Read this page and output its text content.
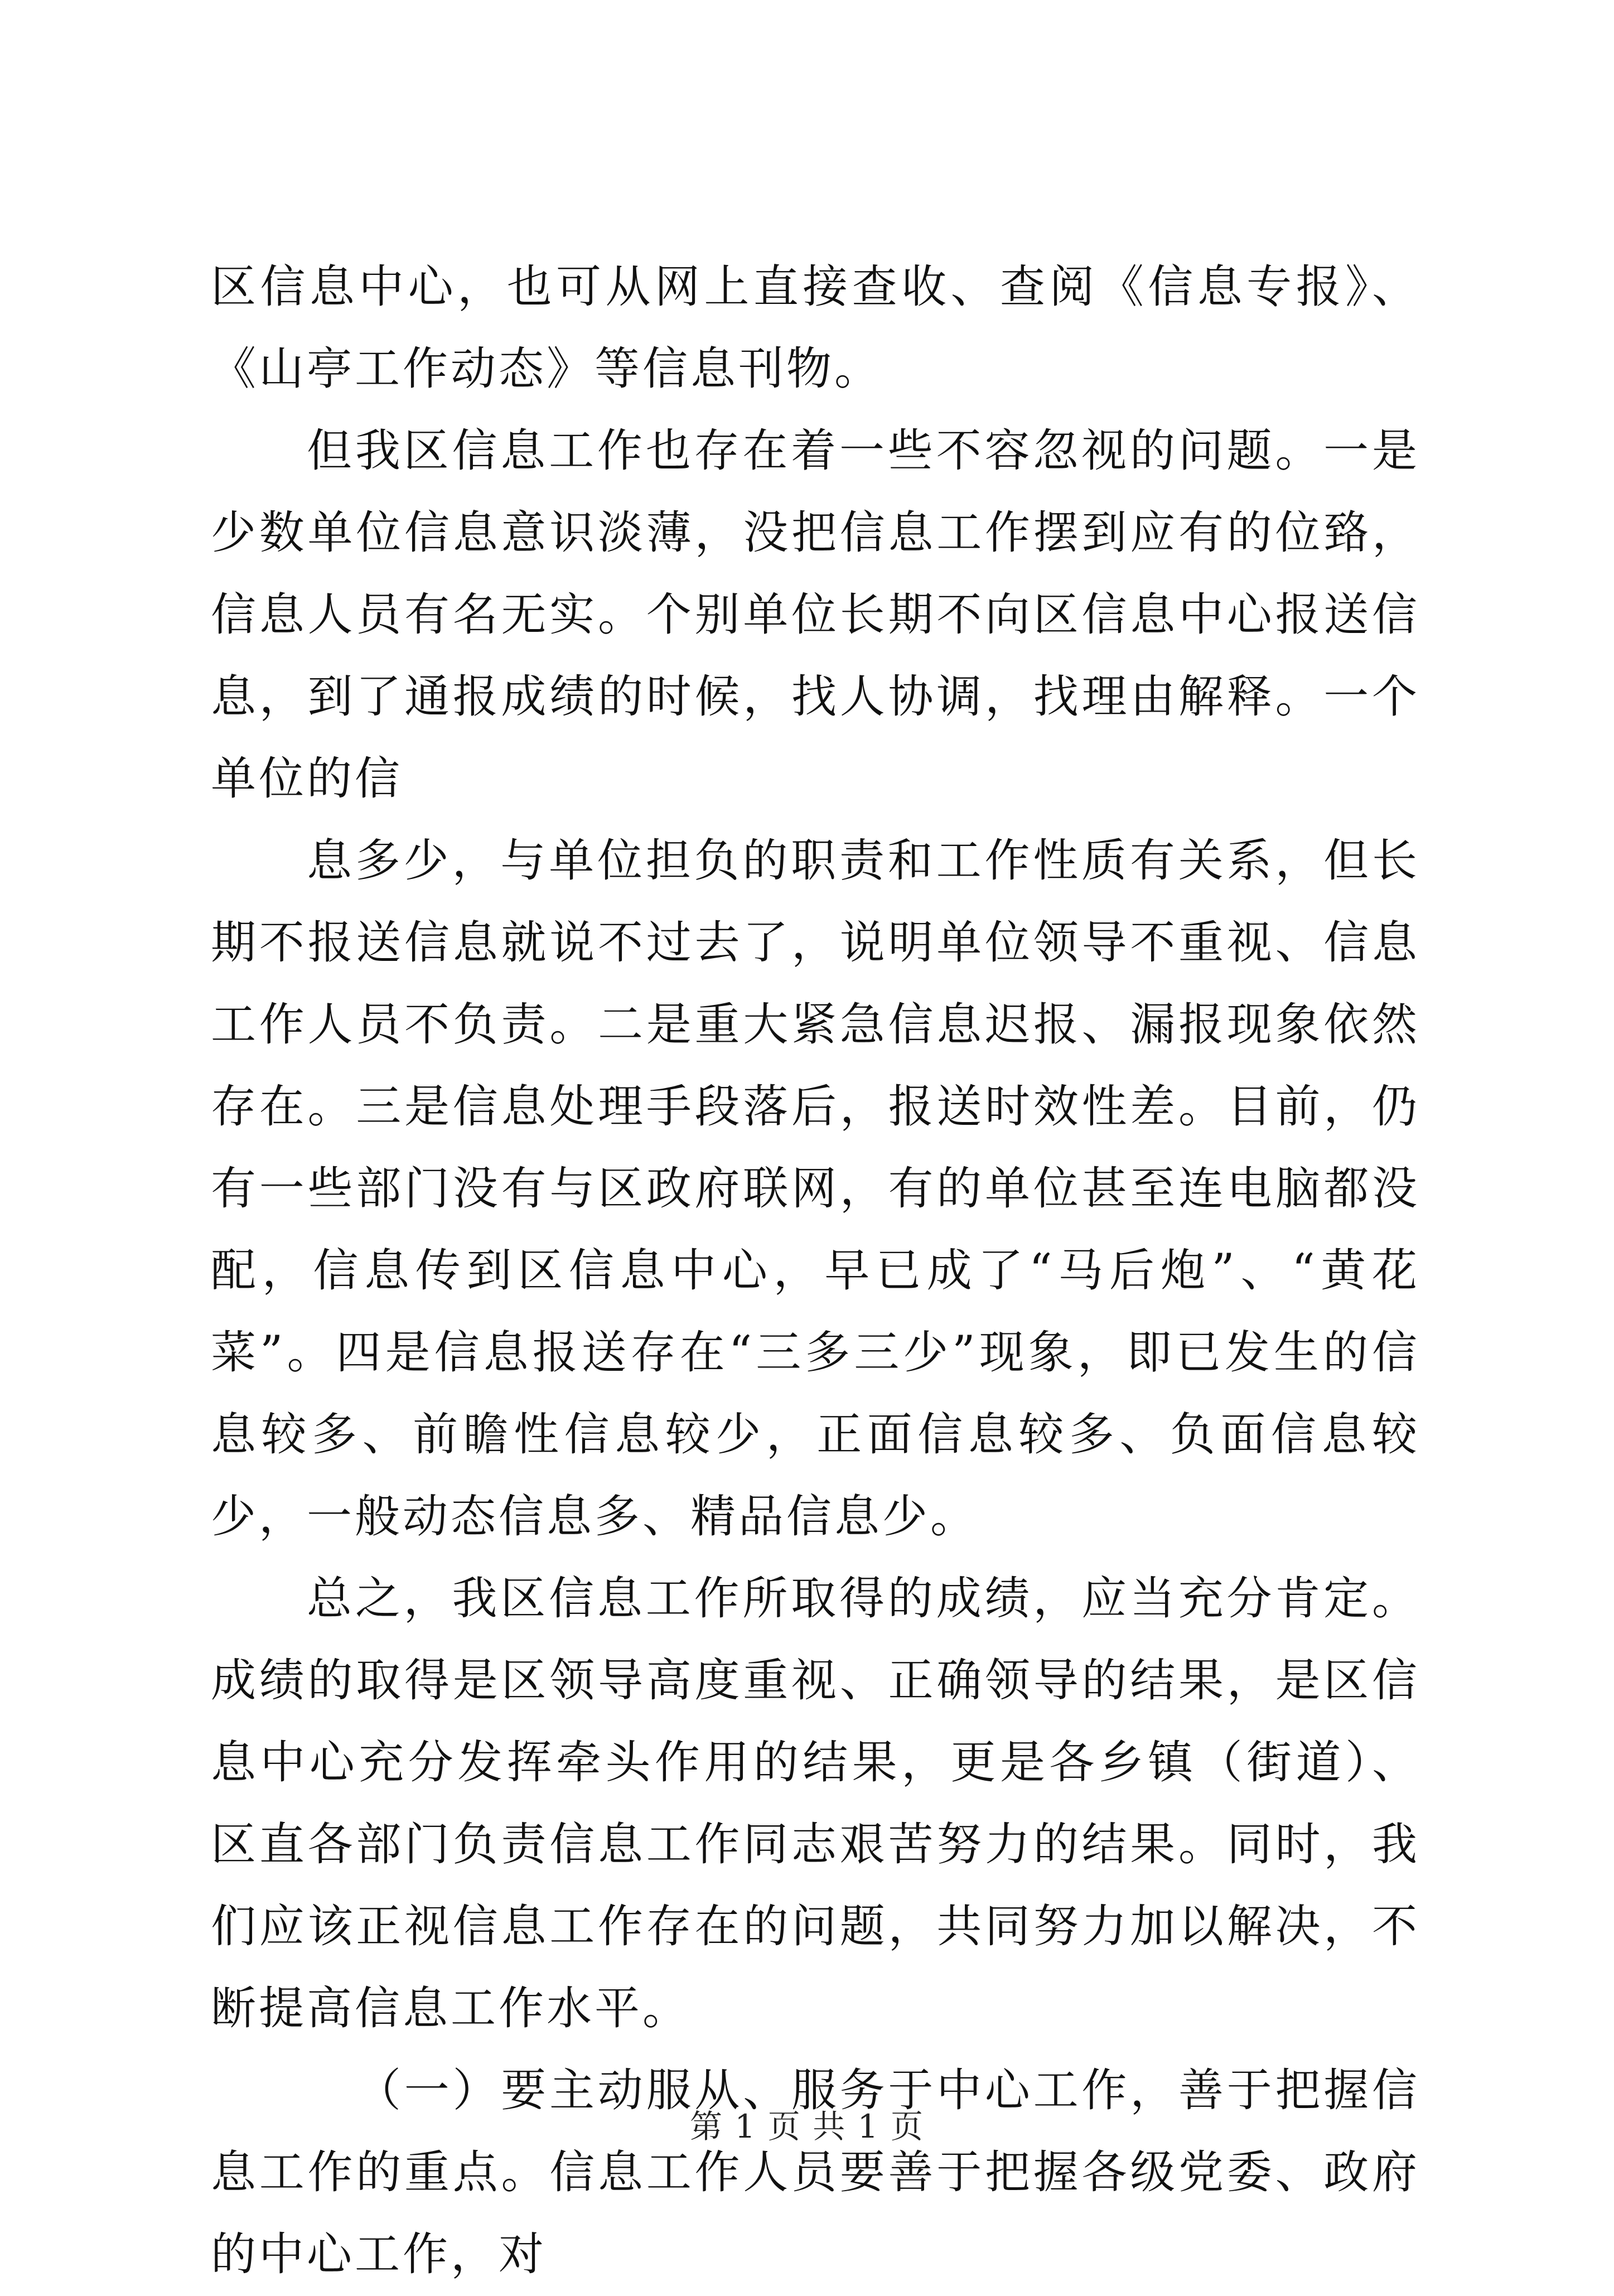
区信息中心，也可从网上直接查收、查阅《信息专报》、《山亭工作动态》等信息刊物。

但我区信息工作也存在着一些不容忽视的问题。一是少数单位信息意识淡薄，没把信息工作摆到应有的位臵，信息人员有名无实。个别单位长期不向区信息中心报送信息，到了通报成绩的时候，找人协调，找理由解释。一个单位的信

息多少，与单位担负的职责和工作性质有关系，但长期不报送信息就说不过去了，说明单位领导不重视、信息工作人员不负责。二是重大紧急信息迟报、漏报现象依然存在。三是信息处理手段落后，报送时效性差。目前，仍有一些部门没有与区政府联网，有的单位甚至连电脑都没配，信息传到区信息中心，早已成了“马后炮”、“黄花菜”。四是信息报送存在“三多三少”现象，即已发生的信息较多、前瞻性信息较少，正面信息较多、负面信息较少，一般动态信息多、精品信息少。

总之，我区信息工作所取得的成绩，应当充分肯定。成绩的取得是区领导高度重视、正确领导的结果，是区信息中心充分发挥牵头作用的结果，更是各乡镇（街道）、区直各部门负责信息工作同志艰苦努力的结果。同时，我们应该正视信息工作存在的问题，共同努力加以解决，不断提高信息工作水平。

（一）要主动服从、服务于中心工作，善于把握信息工作的重点。信息工作人员要善于把握各级党委、政府的中心工作，对

第 1 页 共 1 页
